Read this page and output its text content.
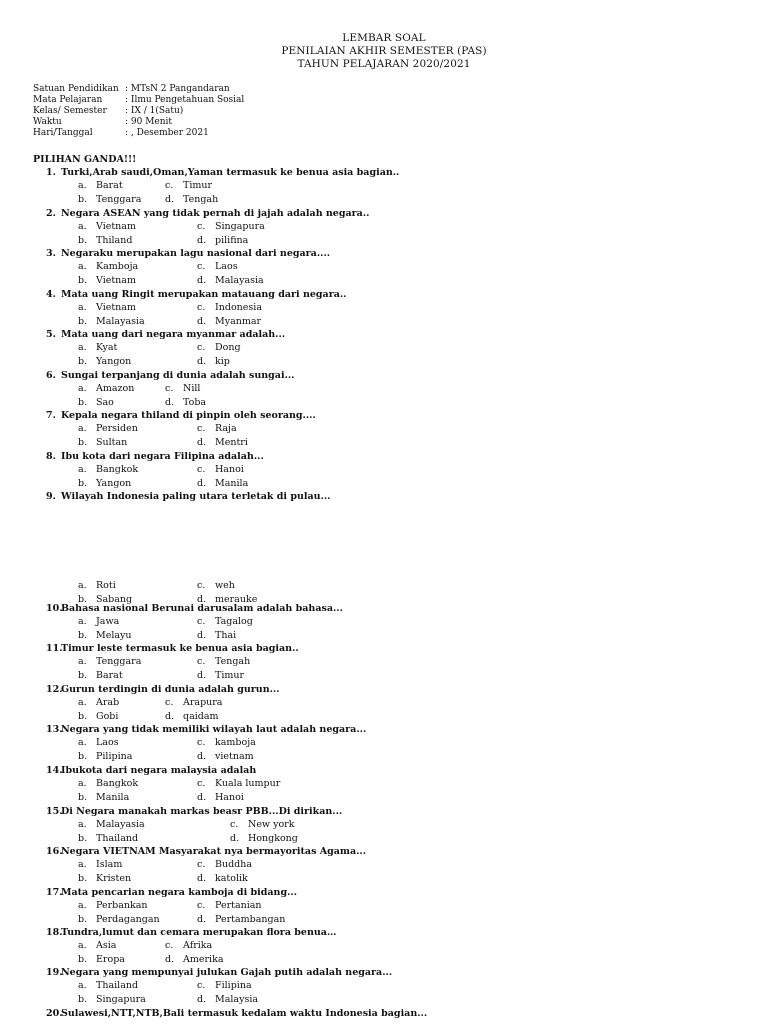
LEMBAR SOAL
PENILAIAN AKHIR SEMESTER (PAS)
TAHUN PELAJARAN 2020/2021
Satuan Pendidikan : MTsN 2 Pangandaran
Mata Pelajaran	: Ilmu Pengetahuan Sosial
Kelas/ Semester : IX / 1(Satu)
Waktu	: 90 Menit
Hari/Tanggal	: , Desember 2021
PILIHAN GANDA!!!
1. Turki,Arab saudi,Oman,Yaman termasuk ke benua asia bagian..
a. Barat	c. Timur
b. Tenggara d. Tengah
2. Negara ASEAN yang tidak pernah di jajah adalah negara..
a. Vietnam	c. Singapura
b. Thiland	d. pilifina
3. Negaraku merupakan lagu nasional dari negara....
a. Kamboja	c. Laos
b. Vietnam	d. Malayasia
4. Mata uang Ringit merupakan matauang dari negara..
a. Vietnam	c. Indonesia
b. Malayasia	d. Myanmar
5. Mata uang dari negara myanmar adalah...
a. Kyat	c. Dong
b. Yangon	d. kip
6. Sungai terpanjang di dunia adalah sungai...
a. Amazon	c. Nill
b. Sao	d. Toba
7. Kepala negara thiland di pinpin oleh seorang....
a. Persiden	c. Raja
b. Sultan	d. Mentri
8. Ibu kota dari negara Filipina adalah...
a. Bangkok	c. Hanoi
b. Yangon	d. Manila
9. Wilayah Indonesia paling utara terletak di pulau...
a. Roti	c. weh
b. Sabang	d. merauke
10.Bahasa nasional Berunai darusalam adalah bahasa...
a. Jawa	c. Tagalog
b. Melayu	d. Thai
11.Timur leste termasuk ke benua asia bagian..
a. Tenggara	c. Tengah
b. Barat	d. Timur
12.Gurun terdingin di dunia adalah gurun...
a. Arab	c. Arapura
b. Gobi	d. qaidam
13.Negara yang tidak memiliki wilayah laut adalah negara...
a. Laos	c. kamboja
b. Pilipina	d. vietnam
14.Ibukota dari negara malaysia adalah
a. Bangkok	c. Kuala lumpur
b. Manila	d. Hanoi
15.Di Negara manakah markas beasr PBB...Di dirikan...
a. Malayasia	c. New york
b. Thailand	d. Hongkong
16.Negara VIETNAM Masyarakat nya bermayoritas Agama...
a. Islam	c. Buddha
b. Kristen	d. katolik
17.Mata pencarian negara kamboja di bidang...
a. Perbankan	c. Pertanian
b. Perdagangan	d. Pertambangan
18.Tundra,lumut dan cemara merupakan flora benua…
a. Asia	c. Afrika
b. Eropa	d. Amerika
19.Negara yang mempunyai julukan Gajah putih adalah negara...
a. Thailand	c. Filipina
b. Singapura	d. Malaysia
20.Sulawesi,NTT,NTB,Bali termasuk kedalam waktu Indonesia bagian...
